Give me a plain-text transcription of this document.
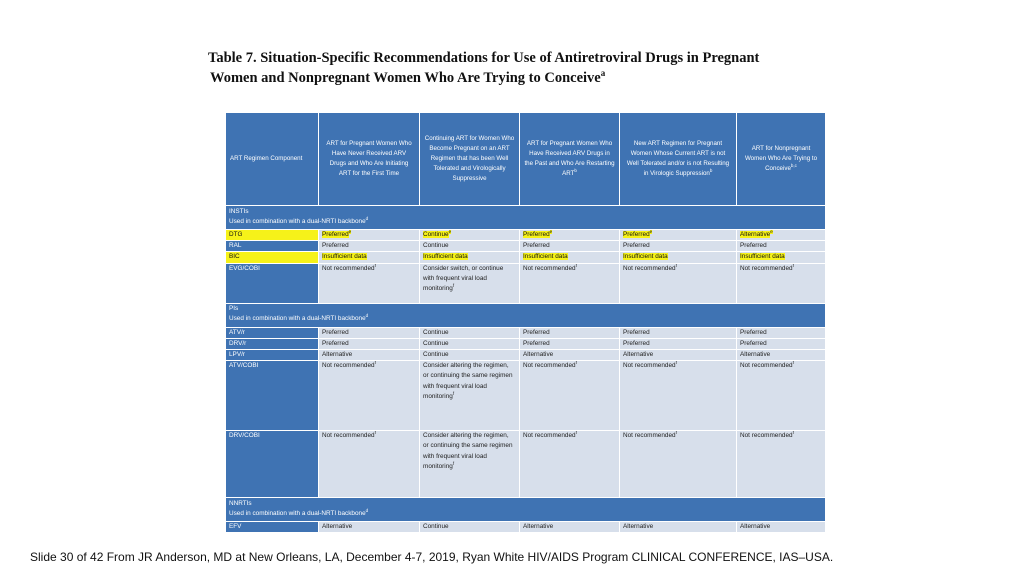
Table 7. Situation-Specific Recommendations for Use of Antiretroviral Drugs in Pregnant
Women and Nonpregnant Women Who Are Trying to Conceive$^a$
ART Regimen Component	ART for Pregnant Women Who Have Never Received ARV Drugs and Who Are Initiating ART for the First Time	Continuing ART for Women Who Become Pregnant on an ART Regimen that has been Well Tolerated and Virologically Suppressive	ART for Pregnant Women Who Have Received ARV Drugs in the Past and Who Are Restarting ART$^b$	New ART Regimen for Pregnant Women Whose Current ART is not Well Tolerated and/or is not Resulting in Virologic Suppression$^b$	ART for Nonpregnant Women Who Are Trying to Conceive$^{b,c}$

INSTIs
Used in combination with a dual-NRTI backbone$^d$

DTG	Preferred$^e$	Continue$^e$	Preferred$^e$	Preferred$^e$	Alternative$^e$
RAL	Preferred	Continue	Preferred	Preferred	Preferred
BIC	Insufficient data	Insufficient data	Insufficient data	Insufficient data	Insufficient data
EVG/COBI	Not recommended$^f$	Consider switch, or continue with frequent viral load monitoring$^f$	Not recommended$^f$	Not recommended$^f$	Not recommended$^f$

PIs
Used in combination with a dual-NRTI backbone$^d$

ATV/r	Preferred	Continue	Preferred	Preferred	Preferred
DRV/r	Preferred	Continue	Preferred	Preferred	Preferred
LPV/r	Alternative	Continue	Alternative	Alternative	Alternative
ATV/COBI	Not recommended$^f$	Consider altering the regimen, or continuing the same regimen with frequent viral load monitoring$^f$	Not recommended$^f$	Not recommended$^f$	Not recommended$^f$
DRV/COBI	Not recommended$^f$	Consider altering the regimen, or continuing the same regimen with frequent viral load monitoring$^f$	Not recommended$^f$	Not recommended$^f$	Not recommended$^f$

NNRTIs
Used in combination with a dual-NRTI backbone$^d$

EFV	Alternative	Continue	Alternative	Alternative	Alternative
Slide 30 of 42 From JR Anderson, MD at New Orleans, LA, December 4-7, 2019, Ryan White HIV/AIDS Program CLINICAL CONFERENCE, IAS–USA.
